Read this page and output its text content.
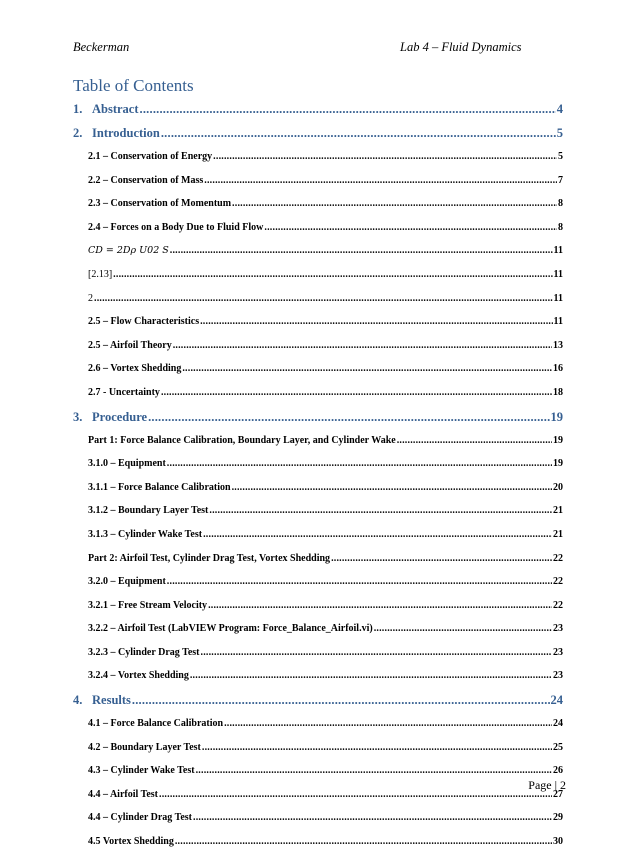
Beckerman	Lab 4 – Fluid Dynamics
Table of Contents
1. Abstract .....	4
2. Introduction .....	5
2.1 – Conservation of Energy .....	5
2.2 – Conservation of Mass .....	7
2.3 – Conservation of Momentum .....	8
2.4 – Forces on a Body Due to Fluid Flow .....	8
𝐶𝐷 = 2𝐷𝜌 𝑈02 𝑆 .....	11
[2.13] .....	11
2 .....	11
2.5 – Flow Characteristics .....	11
2.5 – Airfoil Theory .....	13
2.6 – Vortex Shedding .....	16
2.7 - Uncertainty .....	18
3. Procedure .....	19
Part 1: Force Balance Calibration, Boundary Layer, and Cylinder Wake .....	19
3.1.0 – Equipment .....	19
3.1.1 – Force Balance Calibration .....	20
3.1.2 – Boundary Layer Test .....	21
3.1.3 – Cylinder Wake Test .....	21
Part 2: Airfoil Test, Cylinder Drag Test, Vortex Shedding .....	22
3.2.0 – Equipment .....	22
3.2.1 – Free Stream Velocity .....	22
3.2.2 – Airfoil Test (LabVIEW Program: Force_Balance_Airfoil.vi) .....	23
3.2.3 – Cylinder Drag Test .....	23
3.2.4 – Vortex Shedding .....	23
4. Results .....	24
4.1 – Force Balance Calibration .....	24
4.2 – Boundary Layer Test .....	25
4.3 – Cylinder Wake Test .....	26
4.4 – Airfoil Test .....	27
4.4 – Cylinder Drag Test .....	29
4.5 Vortex Shedding .....	30
Page | 2
